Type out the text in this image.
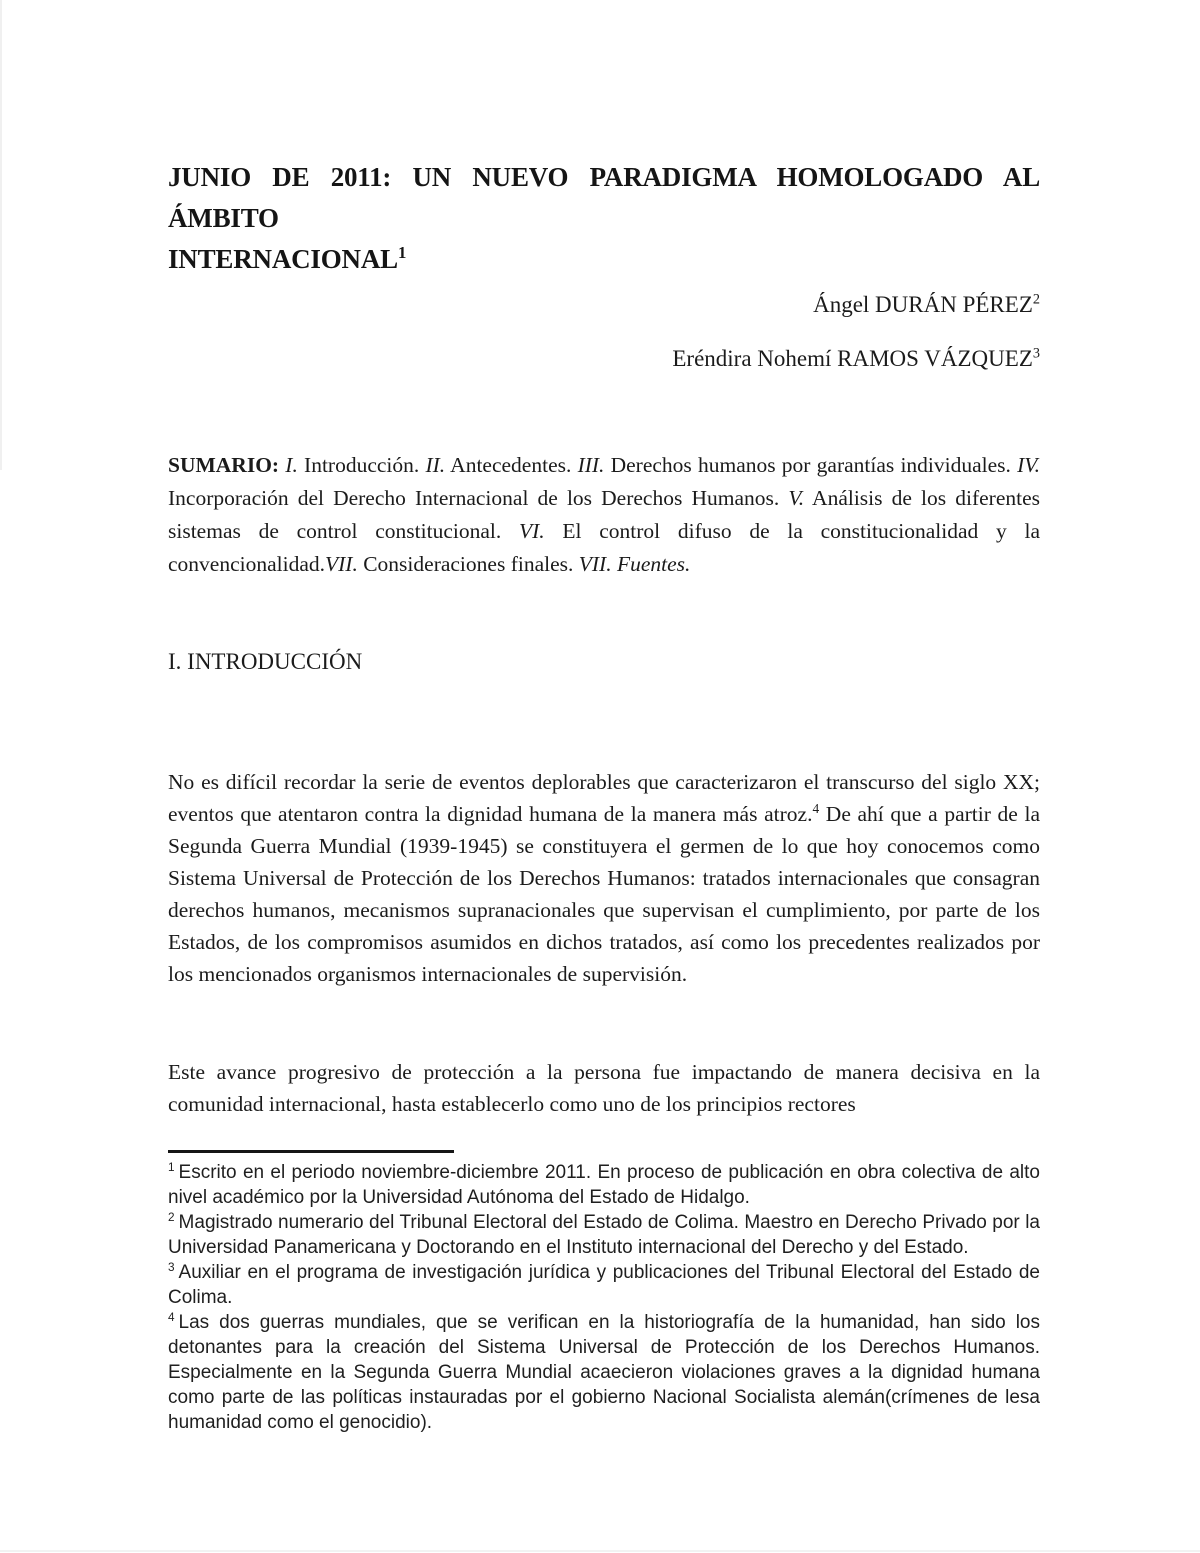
JUNIO DE 2011: UN NUEVO PARADIGMA HOMOLOGADO AL ÁMBITO
INTERNACIONAL$^1$
Ángel DURÁN PÉREZ$^2$
Eréndira Nohemí RAMOS VÁZQUEZ$^3$
SUMARIO: I. Introducción. II. Antecedentes. III. Derechos humanos por garantías individuales. IV. Incorporación del Derecho Internacional de los Derechos Humanos. V. Análisis de los diferentes sistemas de control constitucional. VI. El control difuso de la constitucionalidad y la convencionalidad.VII. Consideraciones finales. VII. Fuentes.
I. INTRODUCCIÓN
No es difícil recordar la serie de eventos deplorables que caracterizaron el transcurso del siglo XX; eventos que atentaron contra la dignidad humana de la manera más atroz.$^4$ De ahí que a partir de la Segunda Guerra Mundial (1939-1945) se constituyera el germen de lo que hoy conocemos como Sistema Universal de Protección de los Derechos Humanos: tratados internacionales que consagran derechos humanos, mecanismos supranacionales que supervisan el cumplimiento, por parte de los Estados, de los compromisos asumidos en dichos tratados, así como los precedentes realizados por los mencionados organismos internacionales de supervisión.
Este avance progresivo de protección a la persona fue impactando de manera decisiva en la comunidad internacional, hasta establecerlo como uno de los principios rectores
$^1$ Escrito en el periodo noviembre-diciembre 2011. En proceso de publicación en obra colectiva de alto nivel académico por la Universidad Autónoma del Estado de Hidalgo.
$^2$ Magistrado numerario del Tribunal Electoral del Estado de Colima. Maestro en Derecho Privado por la Universidad Panamericana y Doctorando en el Instituto internacional del Derecho y del Estado.
$^3$ Auxiliar en el programa de investigación jurídica y publicaciones del Tribunal Electoral del Estado de Colima.
$^4$ Las dos guerras mundiales, que se verifican en la historiografía de la humanidad, han sido los detonantes para la creación del Sistema Universal de Protección de los Derechos Humanos. Especialmente en la Segunda Guerra Mundial acaecieron violaciones graves a la dignidad humana como parte de las políticas instauradas por el gobierno Nacional Socialista alemán(crímenes de lesa humanidad como el genocidio).
